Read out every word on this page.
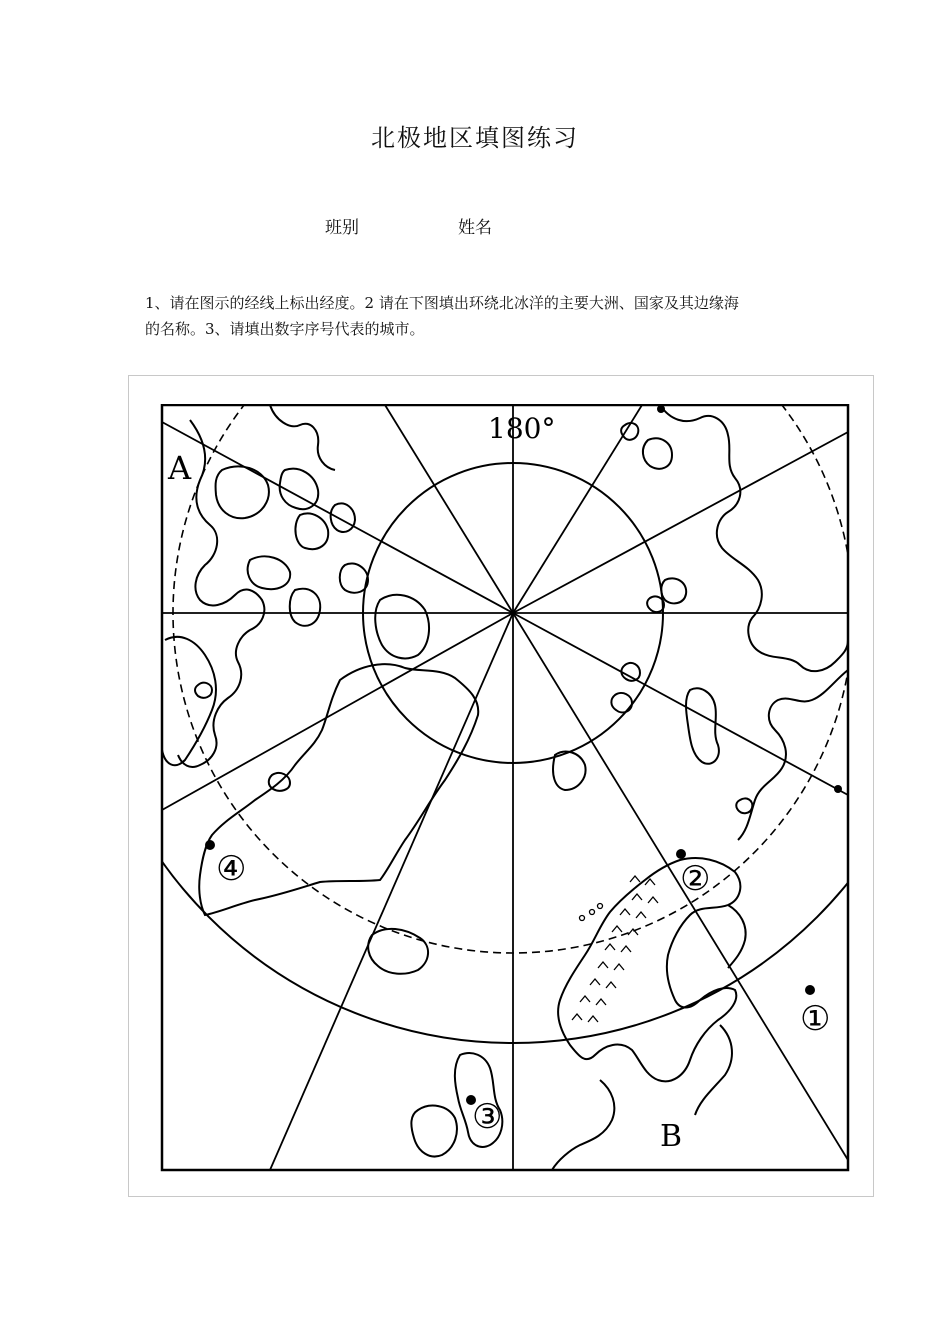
北极地区填图练习
班别	姓名
1、请在图示的经线上标出经度。2 请在下图填出环绕北冰洋的主要大洲、国家及其边缘海
的名称。3、请填出数字序号代表的城市。
180°
A
B
①
②
③
④
